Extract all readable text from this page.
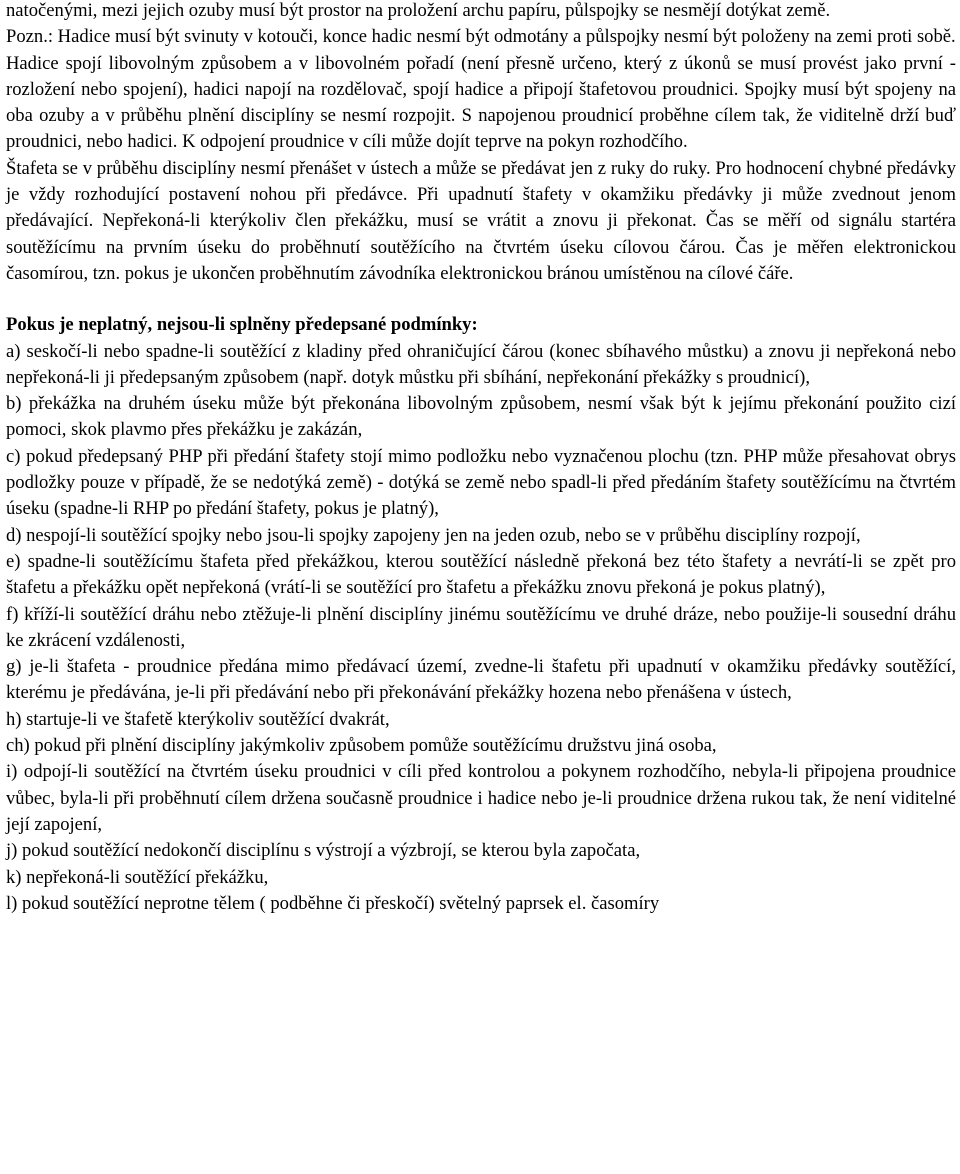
natočenými, mezi jejich ozuby musí být prostor na proložení archu papíru, půlspojky se nesmějí dotýkat země.

Pozn.: Hadice musí být svinuty v kotouči, konce hadic nesmí být odmotány a půlspojky nesmí být položeny na zemi proti sobě.

Hadice spojí libovolným způsobem a v libovolném pořadí (není přesně určeno, který z úkonů se musí provést jako první - rozložení nebo spojení), hadici napojí na rozdělovač, spojí hadice a připojí štafetovou proudnici. Spojky musí být spojeny na oba ozuby a v průběhu plnění disciplíny se nesmí rozpojit. S napojenou proudnicí proběhne cílem tak, že viditelně drží buď proudnici, nebo hadici. K odpojení proudnice v cíli může dojít teprve na pokyn rozhodčího.

Štafeta se v průběhu disciplíny nesmí přenášet v ústech a může se předávat jen z ruky do ruky. Pro hodnocení chybné předávky je vždy rozhodující postavení nohou při předávce. Při upadnutí štafety v okamžiku předávky ji může zvednout jenom předávající. Nepřekoná-li kterýkoliv člen překážku, musí se vrátit a znovu ji překonat. Čas se měří od signálu startéra soutěžícímu na prvním úseku do proběhnutí soutěžícího na čtvrtém úseku cílovou čárou. Čas je měřen elektronickou časomírou, tzn. pokus je ukončen proběhnutím závodníka elektronickou bránou umístěnou na cílové čáře.

Pokus je neplatný, nejsou-li splněny předepsané podmínky:

a) seskočí-li nebo spadne-li soutěžící z kladiny před ohraničující čárou (konec sbíhavého můstku) a znovu ji nepřekoná nebo nepřekoná-li ji předepsaným způsobem (např. dotyk můstku při sbíhání, nepřekonání překážky s proudnicí),

b) překážka na druhém úseku může být překonána libovolným způsobem, nesmí však být k jejímu překonání použito cizí pomoci, skok plavmo přes překážku je zakázán,

c) pokud předepsaný PHP při předání štafety stojí mimo podložku nebo vyznačenou plochu (tzn. PHP může přesahovat obrys podložky pouze v případě, že se nedotýká země) - dotýká se země nebo spadl-li před předáním štafety soutěžícímu na čtvrtém úseku (spadne-li RHP po předání štafety, pokus je platný),

d) nespojí-li soutěžící spojky nebo jsou-li spojky zapojeny jen na jeden ozub, nebo se v průběhu disciplíny rozpojí,

e) spadne-li soutěžícímu štafeta před překážkou, kterou soutěžící následně překoná bez této štafety a nevrátí-li se zpět pro štafetu a překážku opět nepřekoná (vrátí-li se soutěžící pro štafetu a překážku znovu překoná je pokus platný),

f) kříží-li soutěžící dráhu nebo ztěžuje-li plnění disciplíny jinému soutěžícímu ve druhé dráze, nebo použije-li sousední dráhu ke zkrácení vzdálenosti,

g) je-li štafeta - proudnice předána mimo předávací území, zvedne-li štafetu při upadnutí v okamžiku předávky soutěžící, kterému je předávána, je-li při předávání nebo při překonávání překážky hozena nebo přenášena v ústech,

h) startuje-li ve štafetě kterýkoliv soutěžící dvakrát,

ch) pokud při plnění disciplíny jakýmkoliv způsobem pomůže soutěžícímu družstvu jiná osoba,

i) odpojí-li soutěžící na čtvrtém úseku proudnici v cíli před kontrolou a pokynem rozhodčího, nebyla-li připojena proudnice vůbec, byla-li při proběhnutí cílem držena současně proudnice i hadice nebo je-li proudnice držena rukou tak, že není viditelné její zapojení,

j) pokud soutěžící nedokončí disciplínu s výstrojí a výzbrojí, se kterou byla započata,

k) nepřekoná-li soutěžící překážku,

l) pokud soutěžící neprotne tělem ( podběhne či přeskočí) světelný paprsek el. časomíry
